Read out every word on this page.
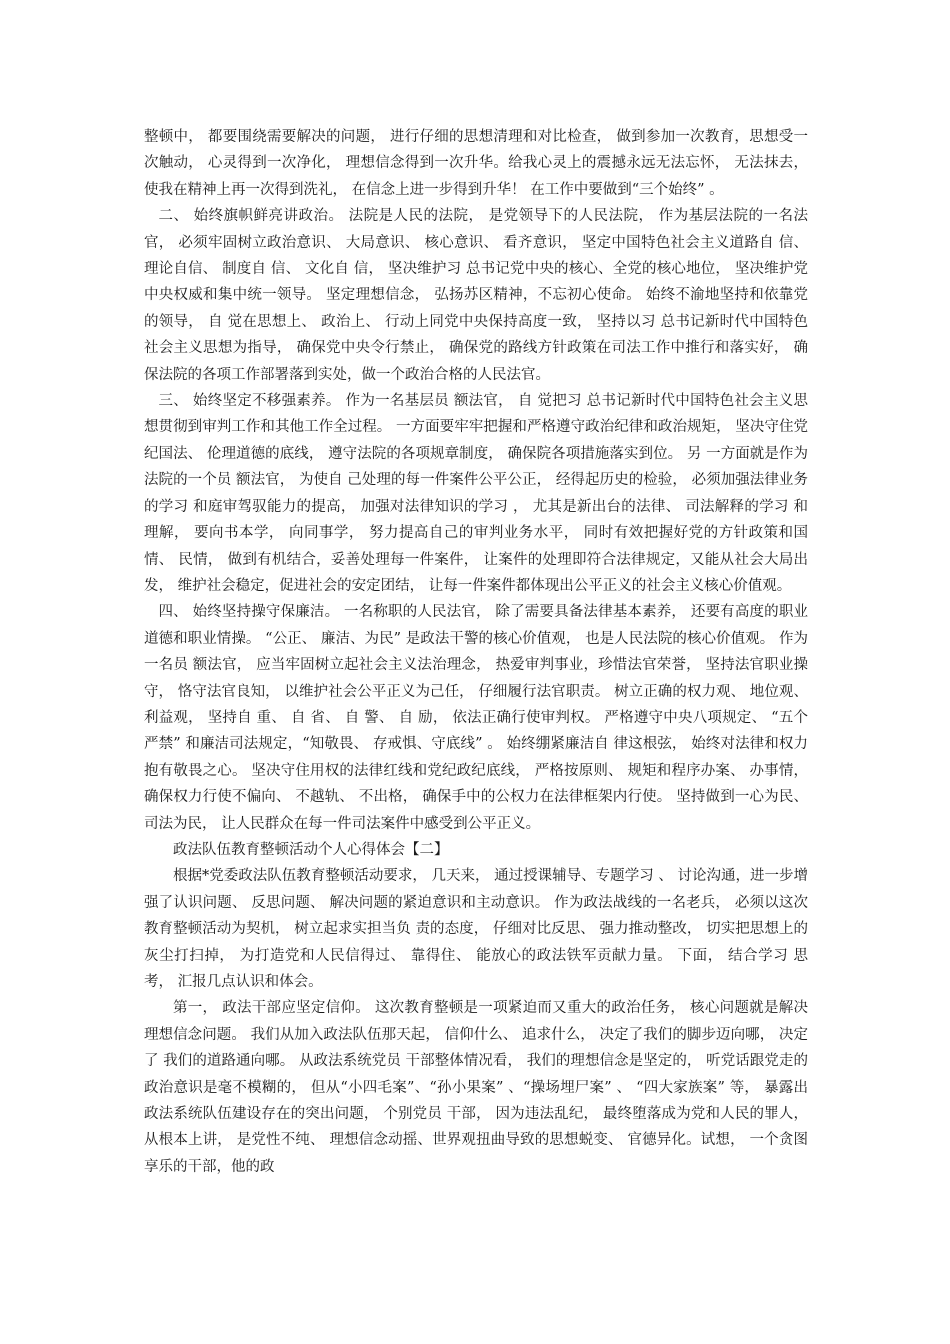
整顿中， 都要围绕需要解决的问题， 进行仔细的思想清理和对比检查， 做到参加一次教育，思想受一次触动， 心灵得到一次净化， 理想信念得到一次升华。给我心灵上的震撼永远无法忘怀， 无法抹去， 使我在精神上再一次得到洗礼， 在信念上进一步得到升华！ 在工作中要做到“三个始终” 。

二、 始终旗帜鲜亮讲政治。 法院是人民的法院， 是党领导下的人民法院， 作为基层法院的一名法官， 必须牢固树立政治意识、 大局意识、 核心意识、 看齐意识， 坚定中国特色社会主义道路自 信、 理论自信、 制度自 信、 文化自 信， 坚决维护习 总书记党中央的核心、全党的核心地位， 坚决维护党中央权威和集中统一领导。 坚定理想信念， 弘扬苏区精神，不忘初心使命。 始终不渝地坚持和依靠党的领导， 自 觉在思想上、 政治上、 行动上同党中央保持高度一致， 坚持以习 总书记新时代中国特色社会主义思想为指导， 确保党中央令行禁止， 确保党的路线方针政策在司法工作中推行和落实好， 确保法院的各项工作部署落到实处，做一个政治合格的人民法官。

三、 始终坚定不移强素养。 作为一名基层员 额法官， 自 觉把习 总书记新时代中国特色社会主义思想贯彻到审判工作和其他工作全过程。 一方面要牢牢把握和严格遵守政治纪律和政治规矩， 坚决守住党纪国法、 伦理道德的底线， 遵守法院的各项规章制度， 确保院各项措施落实到位。 另 一方面就是作为法院的一个员 额法官， 为使自 己处理的每一件案件公平公正， 经得起历史的检验， 必须加强法律业务的学习 和庭审驾驭能力的提高， 加强对法律知识的学习 ， 尤其是新出台的法律、 司法解释的学习 和理解， 要向书本学， 向同事学， 努力提高自己的审判业务水平， 同时有效把握好党的方针政策和国情、 民情， 做到有机结合，妥善处理每一件案件， 让案件的处理即符合法律规定，又能从社会大局出发， 维护社会稳定，促进社会的安定团结， 让每一件案件都体现出公平正义的社会主义核心价值观。

四、 始终坚持操守保廉洁。 一名称职的人民法官， 除了需要具备法律基本素养， 还要有高度的职业道德和职业情操。 “公正、 廉洁、为民” 是政法干警的核心价值观， 也是人民法院的核心价值观。 作为一名员 额法官， 应当牢固树立起社会主义法治理念， 热爱审判事业，珍惜法官荣誉， 坚持法官职业操守， 恪守法官良知， 以维护社会公平正义为己任， 仔细履行法官职责。 树立正确的权力观、 地位观、 利益观， 坚持自 重、 自 省、 自 警、 自 励， 依法正确行使审判权。 严格遵守中央八项规定、 “五个严禁” 和廉洁司法规定，“知敬畏、 存戒惧、守底线” 。 始终绷紧廉洁自 律这根弦， 始终对法律和权力抱有敬畏之心。 坚决守住用权的法律红线和党纪政纪底线， 严格按原则、 规矩和程序办案、 办事情，确保权力行使不偏向、 不越轨、 不出格， 确保手中的公权力在法律框架内行使。 坚持做到一心为民、 司法为民， 让人民群众在每一件司法案件中感受到公平正义。

政法队伍教育整顿活动个人心得体会【二】

根据*党委政法队伍教育整顿活动要求， 几天来， 通过授课辅导、专题学习 、 讨论沟通，进一步增强了认识问题、 反思问题、 解决问题的紧迫意识和主动意识。 作为政法战线的一名老兵， 必须以这次教育整顿活动为契机， 树立起求实担当负 责的态度， 仔细对比反思、 强力推动整改， 切实把思想上的灰尘打扫掉， 为打造党和人民信得过、 靠得住、 能放心的政法铁军贡献力量。 下面， 结合学习 思考， 汇报几点认识和体会。

第一， 政法干部应坚定信仰。 这次教育整顿是一项紧迫而又重大的政治任务， 核心问题就是解决理想信念问题。 我们从加入政法队伍那天起， 信仰什么、 追求什么， 决定了我们的脚步迈向哪， 决定了 我们的道路通向哪。 从政法系统党员 干部整体情况看， 我们的理想信念是坚定的， 听党话跟党走的政治意识是毫不模糊的， 但从“小四毛案”、“孙小果案” 、“操场埋尸案” 、 “四大家族案” 等， 暴露出政法系统队伍建设存在的突出问题， 个别党员 干部， 因为违法乱纪， 最终堕落成为党和人民的罪人， 从根本上讲， 是党性不纯、 理想信念动摇、世界观扭曲导致的思想蜕变、 官德异化。试想， 一个贪图享乐的干部，他的政
